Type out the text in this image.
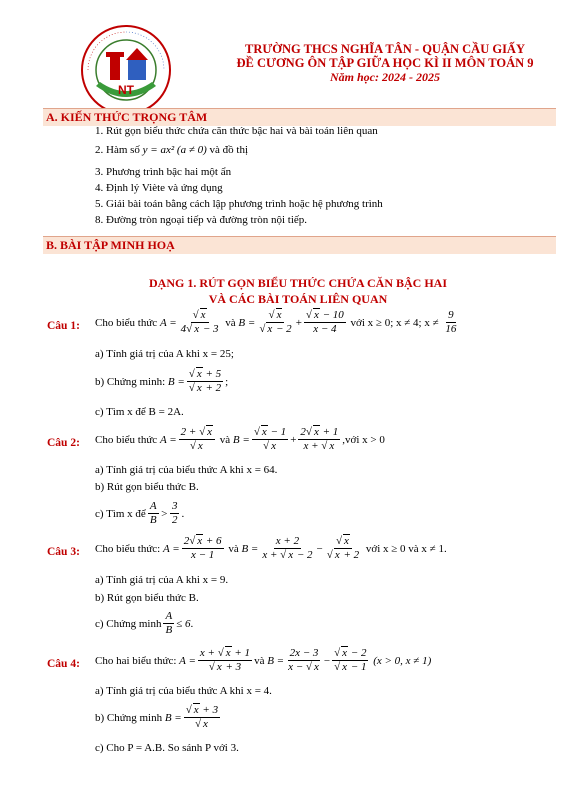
NT
TRƯỜNG THCS NGHĨA TÂN - QUẬN CẦU GIẤY
ĐỀ CƯƠNG ÔN TẬP GIỮA HỌC KÌ II MÔN TOÁN 9
Năm học: 2024 - 2025
A. KIẾN THỨC TRỌNG TÂM
1. Rút gọn biểu thức chứa căn thức bậc hai và bài toán liên quan
2. Hàm số y = ax² (a ≠ 0) và đồ thị
3. Phương trình bậc hai một ẩn
4. Định lý Viète và ứng dụng
5. Giải bài toán bằng cách lập phương trình hoặc hệ phương trình
8. Đường tròn ngoại tiếp và đường tròn nội tiếp.
B. BÀI TẬP MINH HOẠ
DẠNG 1. RÚT GỌN BIỂU THỨC CHỨA CĂN BẬC HAI
VÀ CÁC BÀI TOÁN LIÊN QUAN
Câu 1: Cho biểu thức
$A = \frac{√ x}{4√ x - 3}$
và
$B = \frac{√ x}{√ x - 2} + \frac{√ x - 10}{x - 4}$
với x ≥ 0; x ≠ 4; x ≠
$\frac{9}{16}$
a) Tính giá trị của A khi x = 25;
b) Chứng minh:
$B = \frac{√ x + 5}{√ x + 2}$ ;
c) Tìm x để B = 2A.
Câu 2: Cho biểu thức
$A = \frac{2 + √ x}{√ x}$
và
$B = \frac{√ x - 1}{√ x} + \frac{2√ x + 1}{x + √ x}$ ,với x > 0
a) Tính giá trị của biểu thức A khi x = 64.
b) Rút gọn biểu thức B.
c) Tìm x để $\frac{A}{B} > \frac{3}{2}$ .
Câu 3: Cho biểu thức:
$A = \frac{2√ x + 6}{x - 1}$
và
$B = \frac{x + 2}{x + √ x - 2} - \frac{√ x}{√ x + 2}$
với x ≥ 0 và x ≠ 1.
a) Tính giá trị của A khi x = 9.
b) Rút gọn biểu thức B.
c) Chứng minh $\frac{A}{B} \le 6$ .
Câu 4: Cho hai biểu thức:
$A = \frac{x + √ x + 1}{√ x + 3}$ và
$B = \frac{2x - 3}{x - √ x} - \frac{√ x - 2}{√ x - 1}$
(x > 0, x ≠ 1)
a) Tính giá trị của biểu thức A khi x = 4.
b) Chứng minh
$B = \frac{√ x + 3}{√ x}$
c) Cho P = A.B. So sánh P với 3.
